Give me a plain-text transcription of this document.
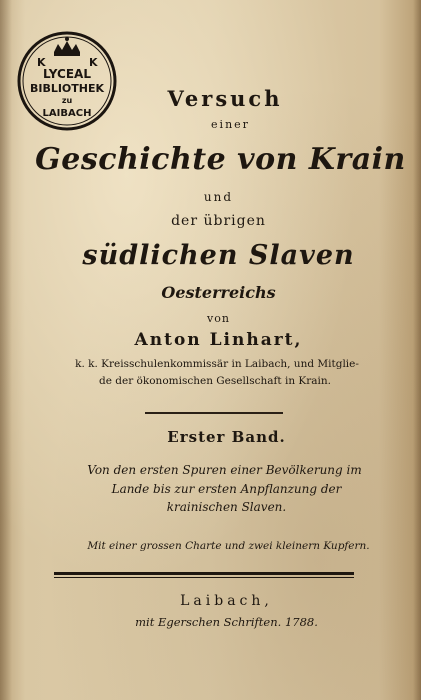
K	K
LYCEAL
BIBLIOTHEK
zu
LAIBACH
Versuch
einer
Geschichte von Krain
und
der übrigen
südlichen Slaven
Oesterreichs
von
Anton Linhart,
k. k. Kreisschulenkommissär in Laibach, und Mitglie-
de der ökonomischen Gesellschaft in Krain.
Erster Band.
Von den ersten Spuren einer Bevölkerung im
Lande bis zur ersten Anpflanzung der
krainischen Slaven.
Mit einer grossen Charte und zwei kleinern Kupfern.
Laibach,
mit Egerschen Schriften. 1788.
